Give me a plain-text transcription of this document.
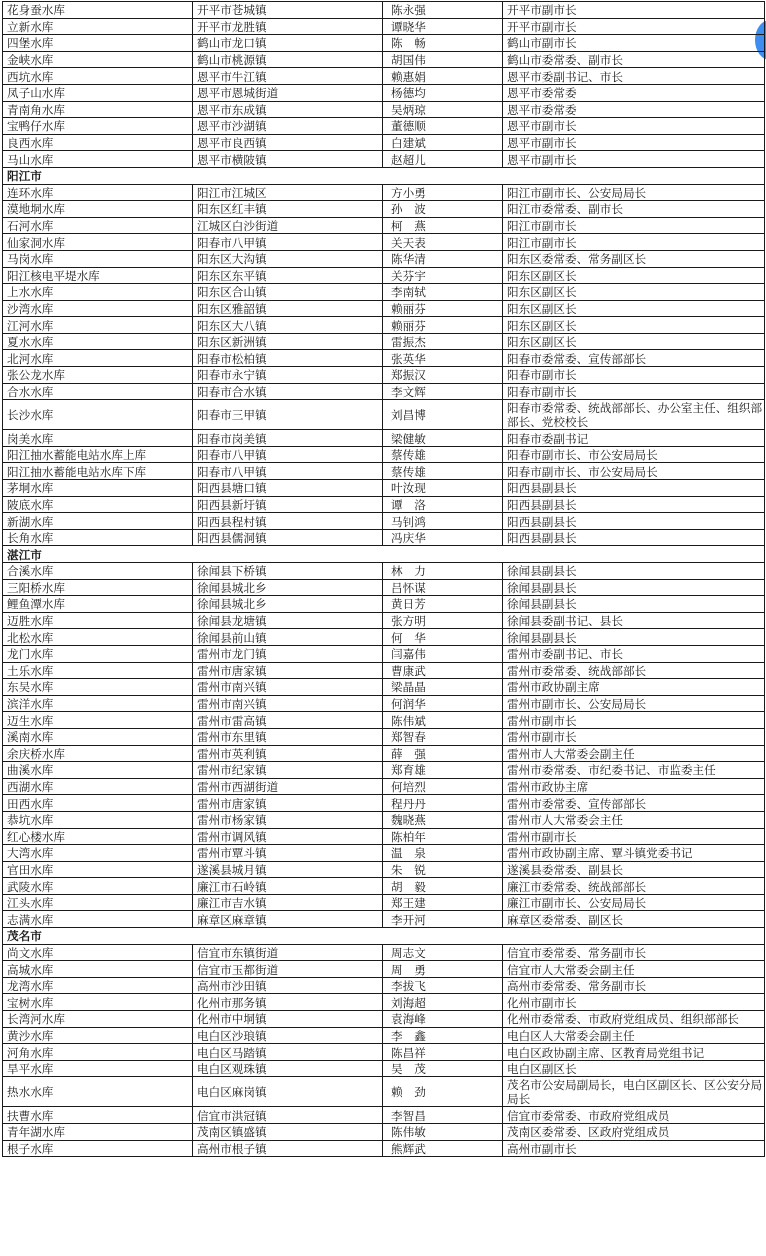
花身蚕水库	开平市苍城镇	陈永强	开平市副市长
立新水库	开平市龙胜镇	谭晓华	开平市副市长
四堡水库	鹤山市龙口镇	陈　畅	鹤山市副市长
金峡水库	鹤山市桃源镇	胡国伟	鹤山市委常委、副市长
西坑水库	恩平市牛江镇	赖惠娟	恩平市委副书记、市长
凤子山水库	恩平市恩城街道	杨德均	恩平市委常委
青南角水库	恩平市东成镇	吴炳琼	恩平市委常委
宝鸭仔水库	恩平市沙湖镇	董德顺	恩平市副市长
良西水库	恩平市良西镇	白建斌	恩平市副市长
马山水库	恩平市横陂镇	赵超儿	恩平市副市长
阳江市			
连环水库	阳江市江城区	方小勇	阳江市副市长、公安局局长
漠地垌水库	阳东区红丰镇	孙　波	阳江市委常委、副市长
石河水库	江城区白沙街道	柯　燕	阳江市副市长
仙家洞水库	阳春市八甲镇	关天表	阳江市副市长
马岗水库	阳东区大沟镇	陈华清	阳东区委常委、常务副区长
阳江核电平堤水库	阳东区东平镇	关芬宇	阳东区副区长
上水水库	阳东区合山镇	李南轼	阳东区副区长
沙湾水库	阳东区雅韶镇	赖丽芬	阳东区副区长
江河水库	阳东区大八镇	赖丽芬	阳东区副区长
夏水水库	阳东区新洲镇	雷振杰	阳东区副区长
北河水库	阳春市松柏镇	张英华	阳春市委常委、宣传部部长
张公龙水库	阳春市永宁镇	郑振汉	阳春市副市长
合水水库	阳春市合水镇	李文辉	阳春市副市长
长沙水库	阳春市三甲镇	刘昌博	阳春市委常委、统战部部长、办公室主任、组织部部长、党校校长
岗美水库	阳春市岗美镇	梁健敏	阳春市委副书记
阳江抽水蓄能电站水库上库	阳春市八甲镇	蔡传雄	阳春市副市长、市公安局局长
阳江抽水蓄能电站水库下库	阳春市八甲镇	蔡传雄	阳春市副市长、市公安局局长
茅垌水库	阳西县塘口镇	叶汝现	阳西县副县长
陂底水库	阳西县新圩镇	谭　洛	阳西县副县长
新湖水库	阳西县程村镇	马钊鸿	阳西县副县长
长角水库	阳西县儒洞镇	冯庆华	阳西县副县长
湛江市			
合溪水库	徐闻县下桥镇	林　力	徐闻县副县长
三阳桥水库	徐闻县城北乡	吕怀谋	徐闻县副县长
鲤鱼潭水库	徐闻县城北乡	黄日芳	徐闻县副县长
迈胜水库	徐闻县龙塘镇	张方明	徐闻县委副书记、县长
北松水库	徐闻县前山镇	何　华	徐闻县副县长
龙门水库	雷州市龙门镇	闫嘉伟	雷州市委副书记、市长
土乐水库	雷州市唐家镇	曹康武	雷州市委常委、统战部部长
东吴水库	雷州市南兴镇	梁晶晶	雷州市政协副主席
滨洋水库	雷州市南兴镇	何润华	雷州市副市长、公安局局长
迈生水库	雷州市雷高镇	陈伟斌	雷州市副市长
溪南水库	雷州市东里镇	郑智春	雷州市副市长
余庆桥水库	雷州市英利镇	薛　强	雷州市人大常委会副主任
曲溪水库	雷州市纪家镇	郑育雄	雷州市委常委、市纪委书记、市监委主任
西湖水库	雷州市西湖街道	何培烈	雷州市政协主席
田西水库	雷州市唐家镇	程丹丹	雷州市委常委、宣传部部长
恭坑水库	雷州市杨家镇	魏晓燕	雷州市人大常委会主任
红心楼水库	雷州市调风镇	陈柏年	雷州市副市长
大湾水库	雷州市覃斗镇	温　泉	雷州市政协副主席、覃斗镇党委书记
官田水库	遂溪县城月镇	朱　锐	遂溪县委常委、副县长
武陵水库	廉江市石岭镇	胡　毅	廉江市委常委、统战部部长
江头水库	廉江市吉水镇	郑王建	廉江市副市长、公安局局长
志满水库	麻章区麻章镇	李开河	麻章区委常委、副区长
茂名市			
尚文水库	信宜市东镇街道	周志文	信宜市委常委、常务副市长
高城水库	信宜市玉都街道	周　勇	信宜市人大常委会副主任
龙湾水库	高州市沙田镇	李拔飞	高州市委常委、常务副市长
宝树水库	化州市那务镇	刘海超	化州市副市长
长湾河水库	化州市中垌镇	袁海峰	化州市委常委、市政府党组成员、组织部部长
黄沙水库	电白区沙琅镇	李　鑫	电白区人大常委会副主任
河角水库	电白区马踏镇	陈昌祥	电白区政协副主席、区教育局党组书记
旱平水库	电白区观珠镇	吴　茂	电白区副区长
热水水库	电白区麻岗镇	赖　劲	茂名市公安局副局长，电白区副区长、区公安分局局长
扶曹水库	信宜市洪冠镇	李智昌	信宜市委常委、市政府党组成员
青年湖水库	茂南区镇盛镇	陈伟敏	茂南区委常委、区政府党组成员
根子水库	高州市根子镇	熊辉武	高州市副市长
